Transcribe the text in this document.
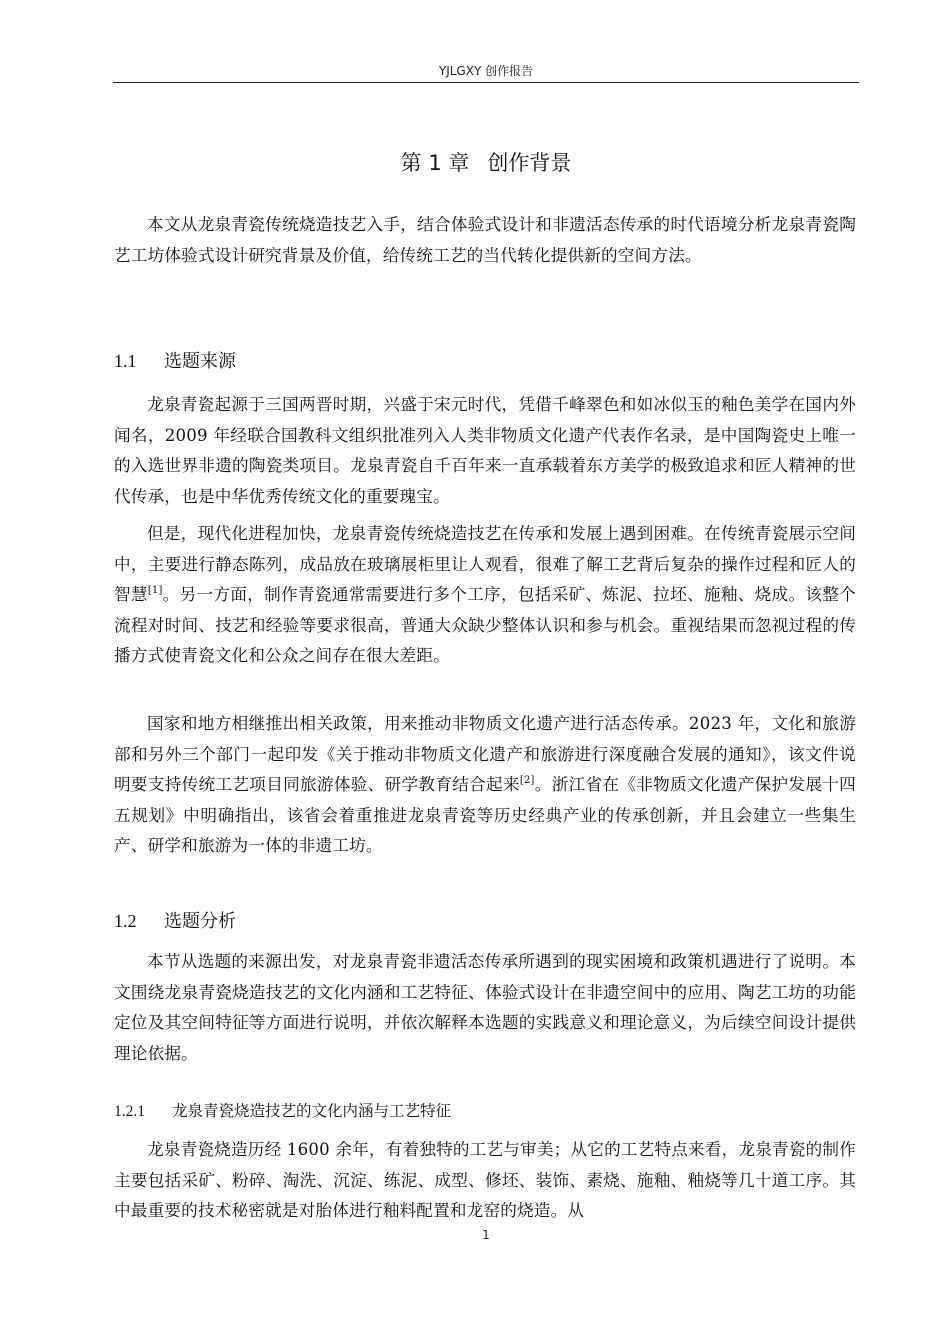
YJLGXY 创作报告
第 1 章 创作背景

本文从龙泉青瓷传统烧造技艺入手，结合体验式设计和非遗活态传承的时代语境分析龙泉青瓷陶艺工坊体验式设计研究背景及价值，给传统工艺的当代转化提供新的空间方法。

1.1 选题来源

龙泉青瓷起源于三国两晋时期，兴盛于宋元时代，凭借千峰翠色和如冰似玉的釉色美学在国内外闻名，2009 年经联合国教科文组织批准列入人类非物质文化遗产代表作名录，是中国陶瓷史上唯一的入选世界非遗的陶瓷类项目。龙泉青瓷自千百年来一直承载着东方美学的极致追求和匠人精神的世代传承，也是中华优秀传统文化的重要瑰宝。

但是，现代化进程加快，龙泉青瓷传统烧造技艺在传承和发展上遇到困难。在传统青瓷展示空间中，主要进行静态陈列，成品放在玻璃展柜里让人观看，很难了解工艺背后复杂的操作过程和匠人的智慧[1]。另一方面，制作青瓷通常需要进行多个工序，包括采矿、炼泥、拉坯、施釉、烧成。该整个流程对时间、技艺和经验等要求很高，普通大众缺少整体认识和参与机会。重视结果而忽视过程的传播方式使青瓷文化和公众之间存在很大差距。

国家和地方相继推出相关政策，用来推动非物质文化遗产进行活态传承。2023 年，文化和旅游部和另外三个部门一起印发《关于推动非物质文化遗产和旅游进行深度融合发展的通知》，该文件说明要支持传统工艺项目同旅游体验、研学教育结合起来[2]。浙江省在《非物质文化遗产保护发展十四五规划》中明确指出，该省会着重推进龙泉青瓷等历史经典产业的传承创新，并且会建立一些集生产、研学和旅游为一体的非遗工坊。

1.2 选题分析

本节从选题的来源出发，对龙泉青瓷非遗活态传承所遇到的现实困境和政策机遇进行了说明。本文围绕龙泉青瓷烧造技艺的文化内涵和工艺特征、体验式设计在非遗空间中的应用、陶艺工坊的功能定位及其空间特征等方面进行说明，并依次解释本选题的实践意义和理论意义，为后续空间设计提供理论依据。

1.2.1 龙泉青瓷烧造技艺的文化内涵与工艺特征

龙泉青瓷烧造历经 1600 余年，有着独特的工艺与审美；从它的工艺特点来看，龙泉青瓷的制作主要包括采矿、粉碎、淘洗、沉淀、练泥、成型、修坯、装饰、素烧、施釉、釉烧等几十道工序。其中最重要的技术秘密就是对胎体进行釉料配置和龙窑的烧造。从

1
